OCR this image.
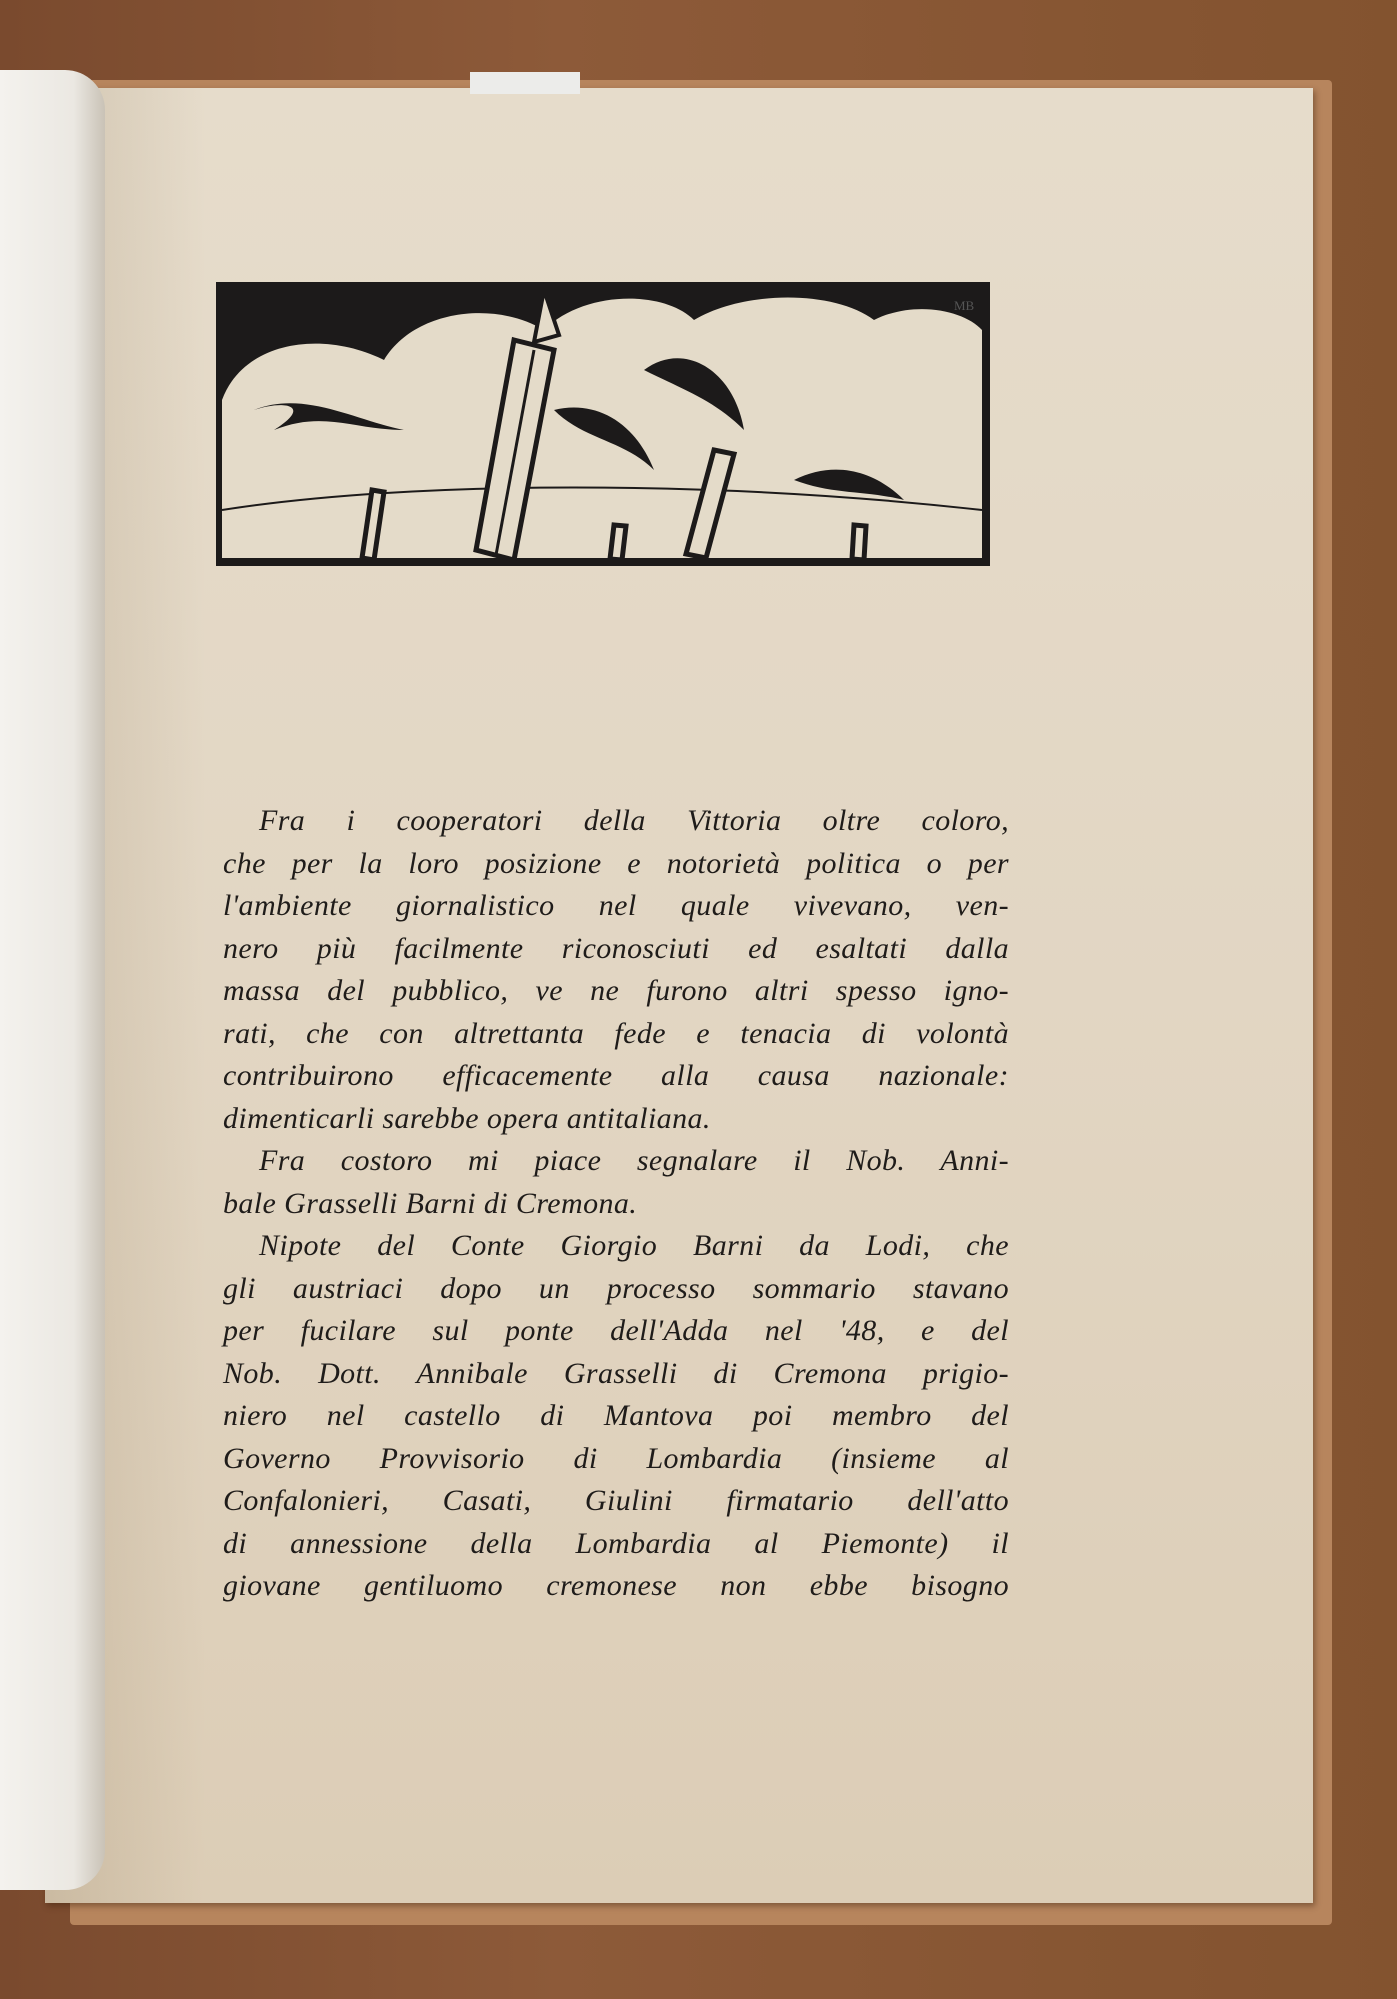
MB
Fra i cooperatori della Vittoria oltre coloro,
che per la loro posizione e notorietà politica o per
l'ambiente giornalistico nel quale vivevano, ven-
nero più facilmente riconosciuti ed esaltati dalla
massa del pubblico, ve ne furono altri spesso igno-
rati, che con altrettanta fede e tenacia di volontà
contribuirono efficacemente alla causa nazionale:
dimenticarli sarebbe opera antitaliana.
Fra costoro mi piace segnalare il Nob. Anni-
bale Grasselli Barni di Cremona.
Nipote del Conte Giorgio Barni da Lodi, che
gli austriaci dopo un processo sommario stavano
per fucilare sul ponte dell'Adda nel '48, e del
Nob. Dott. Annibale Grasselli di Cremona prigio-
niero nel castello di Mantova poi membro del
Governo Provvisorio di Lombardia (insieme al
Confalonieri, Casati, Giulini firmatario dell'atto
di annessione della Lombardia al Piemonte) il
giovane gentiluomo cremonese non ebbe bisogno
